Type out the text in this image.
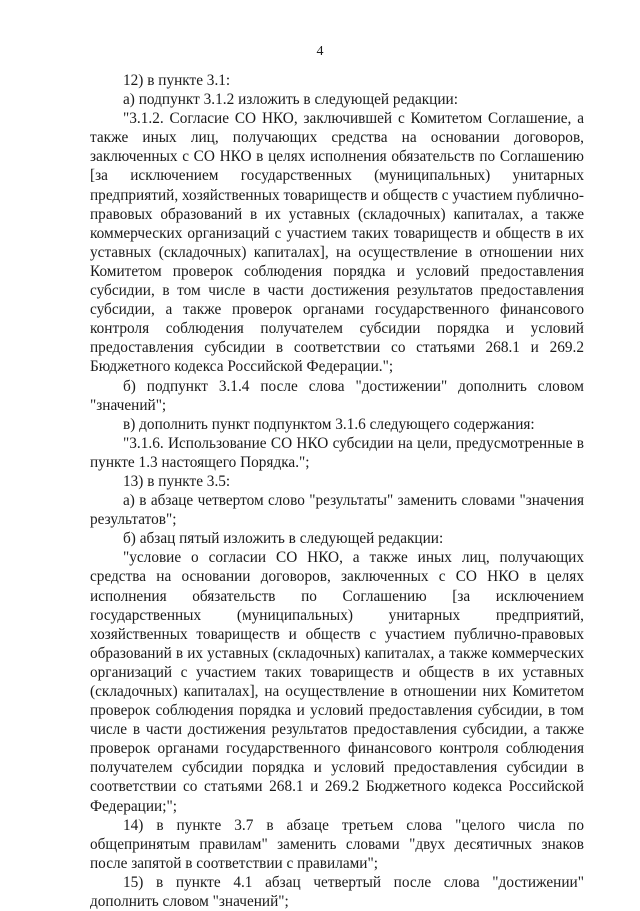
4

12) в пункте 3.1:

а) подпункт 3.1.2 изложить в следующей редакции:

"3.1.2. Согласие СО НКО, заключившей с Комитетом Соглашение, а также иных лиц, получающих средства на основании договоров, заключенных с СО НКО в целях исполнения обязательств по Соглашению [за исключением государственных (муниципальных) унитарных предприятий, хозяйственных товариществ и обществ с участием публично-правовых образований в их уставных (складочных) капиталах, а также коммерческих организаций с участием таких товариществ и обществ в их уставных (складочных) капиталах], на осуществление в отношении них Комитетом проверок соблюдения порядка и условий предоставления субсидии, в том числе в части достижения результатов предоставления субсидии, а также проверок органами государственного финансового контроля соблюдения получателем субсидии порядка и условий предоставления субсидии в соответствии со статьями 268.1 и 269.2 Бюджетного кодекса Российской Федерации.";

б) подпункт 3.1.4 после слова "достижении" дополнить словом "значений";

в) дополнить пункт подпунктом 3.1.6 следующего содержания:

"3.1.6. Использование СО НКО субсидии на цели, предусмотренные в пункте 1.3 настоящего Порядка.";

13) в пункте 3.5:

а) в абзаце четвертом слово "результаты" заменить словами "значения результатов";

б) абзац пятый изложить в следующей редакции:

"условие о согласии СО НКО, а также иных лиц, получающих средства на основании договоров, заключенных с СО НКО в целях исполнения обязательств по Соглашению [за исключением государственных (муниципальных) унитарных предприятий, хозяйственных товариществ и обществ с участием публично-правовых образований в их уставных (складочных) капиталах, а также коммерческих организаций с участием таких товариществ и обществ в их уставных (складочных) капиталах], на осуществление в отношении них Комитетом проверок соблюдения порядка и условий предоставления субсидии, в том числе в части достижения результатов предоставления субсидии, а также проверок органами государственного финансового контроля соблюдения получателем субсидии порядка и условий предоставления субсидии в соответствии со статьями 268.1 и 269.2 Бюджетного кодекса Российской Федерации;";

14) в пункте 3.7 в абзаце третьем слова "целого числа по общепринятым правилам" заменить словами "двух десятичных знаков после запятой в соответствии с правилами";

15) в пункте 4.1 абзац четвертый после слова "достижении" дополнить словом "значений";
